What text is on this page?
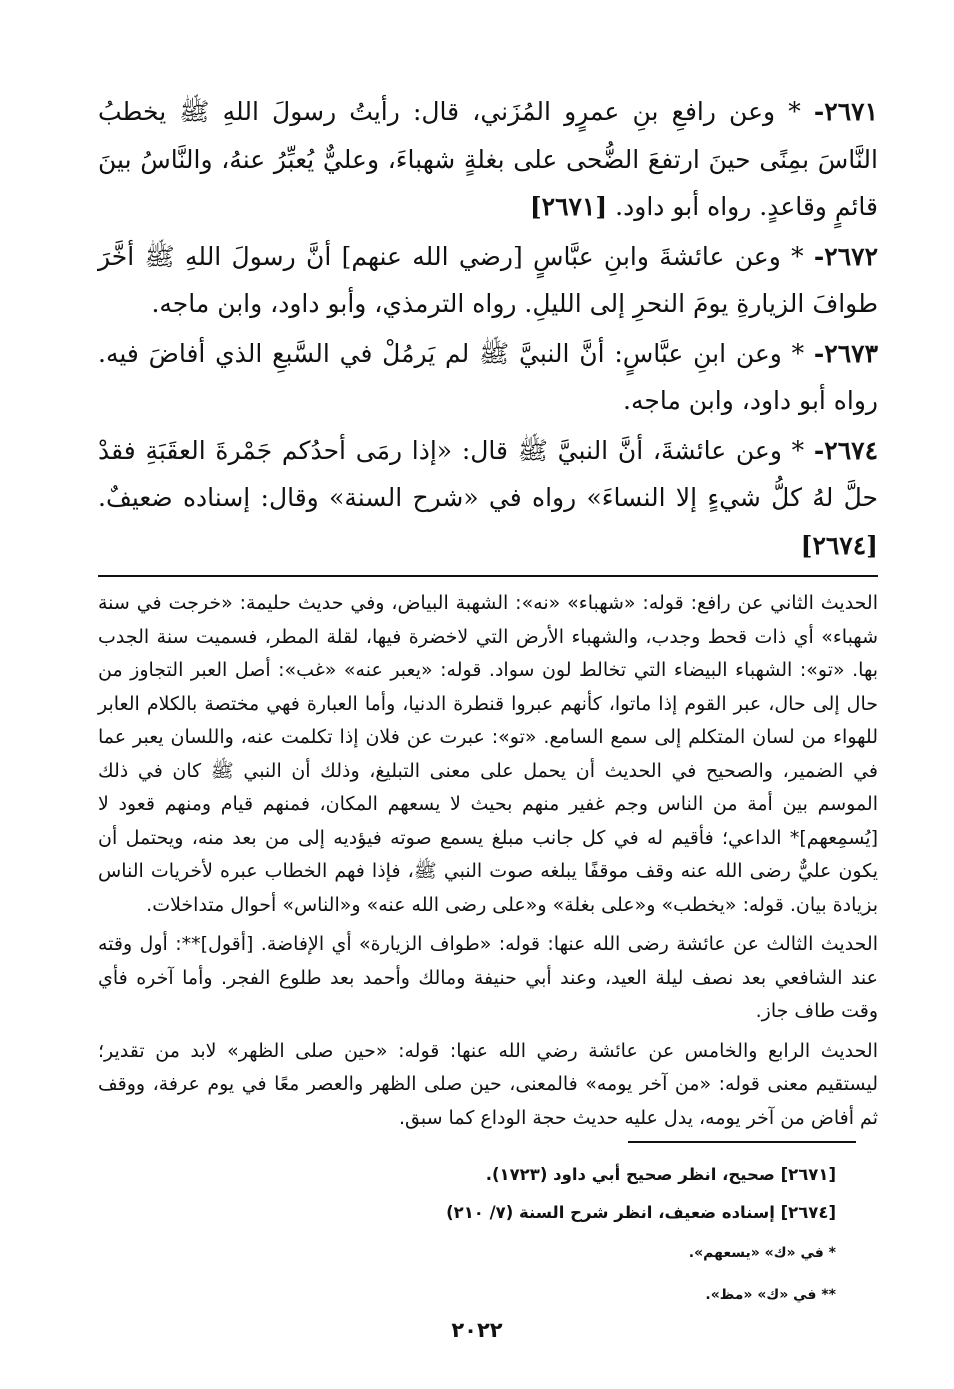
٢٦٧١- * وعن رافعِ بنِ عمرٍو المُزَني، قال: رأيتُ رسولَ اللهِ ﷺ يخطبُ النَّاسَ بمِنًى حينَ ارتفعَ الضُّحى على بغلةٍ شهباءَ، وعليٌّ يُعبِّرُ عنهُ، والنَّاسُ بينَ قائمٍ وقاعدٍ. رواه أبو داود. [٢٦٧١]

٢٦٧٢- * وعن عائشةَ وابنِ عبَّاسٍ [رضي الله عنهم] أنَّ رسولَ اللهِ ﷺ أخَّرَ طوافَ الزيارةِ يومَ النحرِ إلى الليلِ. رواه الترمذي، وأبو داود، وابن ماجه.

٢٦٧٣- * وعن ابنِ عبَّاسٍ: أنَّ النبيَّ ﷺ لم يَرمُلْ في السَّبعِ الذي أفاضَ فيه. رواه أبو داود، وابن ماجه.

٢٦٧٤- * وعن عائشةَ، أنَّ النبيَّ ﷺ قال: «إذا رمَى أحدُكم جَمْرةَ العقَبَةِ فقدْ حلَّ لهُ كلُّ شيءٍ إلا النساءَ» رواه في «شرح السنة» وقال: إسناده ضعيفٌ. [٢٦٧٤]

الحديث الثاني عن رافع: قوله: «شهباء» «نه»: الشهبة البياض، وفي حديث حليمة: «خرجت في سنة شهباء» أي ذات قحط وجدب، والشهباء الأرض التي لاخضرة فيها، لقلة المطر، فسميت سنة الجدب بها. «تو»: الشهباء البيضاء التي تخالط لون سواد. قوله: «يعبر عنه» «غب»: أصل العبر التجاوز من حال إلى حال، عبر القوم إذا ماتوا، كأنهم عبروا قنطرة الدنيا، وأما العبارة فهي مختصة بالكلام العابر للهواء من لسان المتكلم إلى سمع السامع. «تو»: عبرت عن فلان إذا تكلمت عنه، واللسان يعبر عما في الضمير، والصحيح في الحديث أن يحمل على معنى التبليغ، وذلك أن النبي ﷺ كان في ذلك الموسم بين أمة من الناس وجم غفير منهم بحيث لا يسعهم المكان، فمنهم قيام ومنهم قعود لا [يُسمِعهم]* الداعي؛ فأقيم له في كل جانب مبلغ يسمع صوته فيؤديه إلى من بعد منه، ويحتمل أن يكون عليٌّ رضى الله عنه وقف موقفًا يبلغه صوت النبي ﷺ، فإذا فهم الخطاب عبره لأخريات الناس بزيادة بيان. قوله: «يخطب» و«على بغلة» و«على رضى الله عنه» و«الناس» أحوال متداخلات.

الحديث الثالث عن عائشة رضى الله عنها: قوله: «طواف الزيارة» أي الإفاضة. [أقول]**: أول وقته عند الشافعي بعد نصف ليلة العيد، وعند أبي حنيفة ومالك وأحمد بعد طلوع الفجر. وأما آخره فأي وقت طاف جاز.

الحديث الرابع والخامس عن عائشة رضي الله عنها: قوله: «حين صلى الظهر» لابد من تقدير؛ ليستقيم معنى قوله: «من آخر يومه» فالمعنى، حين صلى الظهر والعصر معًا في يوم عرفة، ووقف ثم أفاض من آخر يومه، يدل عليه حديث حجة الوداع كما سبق.

[٢٦٧١] صحيح، انظر صحيح أبي داود (١٧٢٣).

[٢٦٧٤] إسناده ضعيف، انظر شرح السنة (٧/ ٢١٠)

* في «ك» «يسعهم».

** في «ك» «مظ».

٢٠٢٢
